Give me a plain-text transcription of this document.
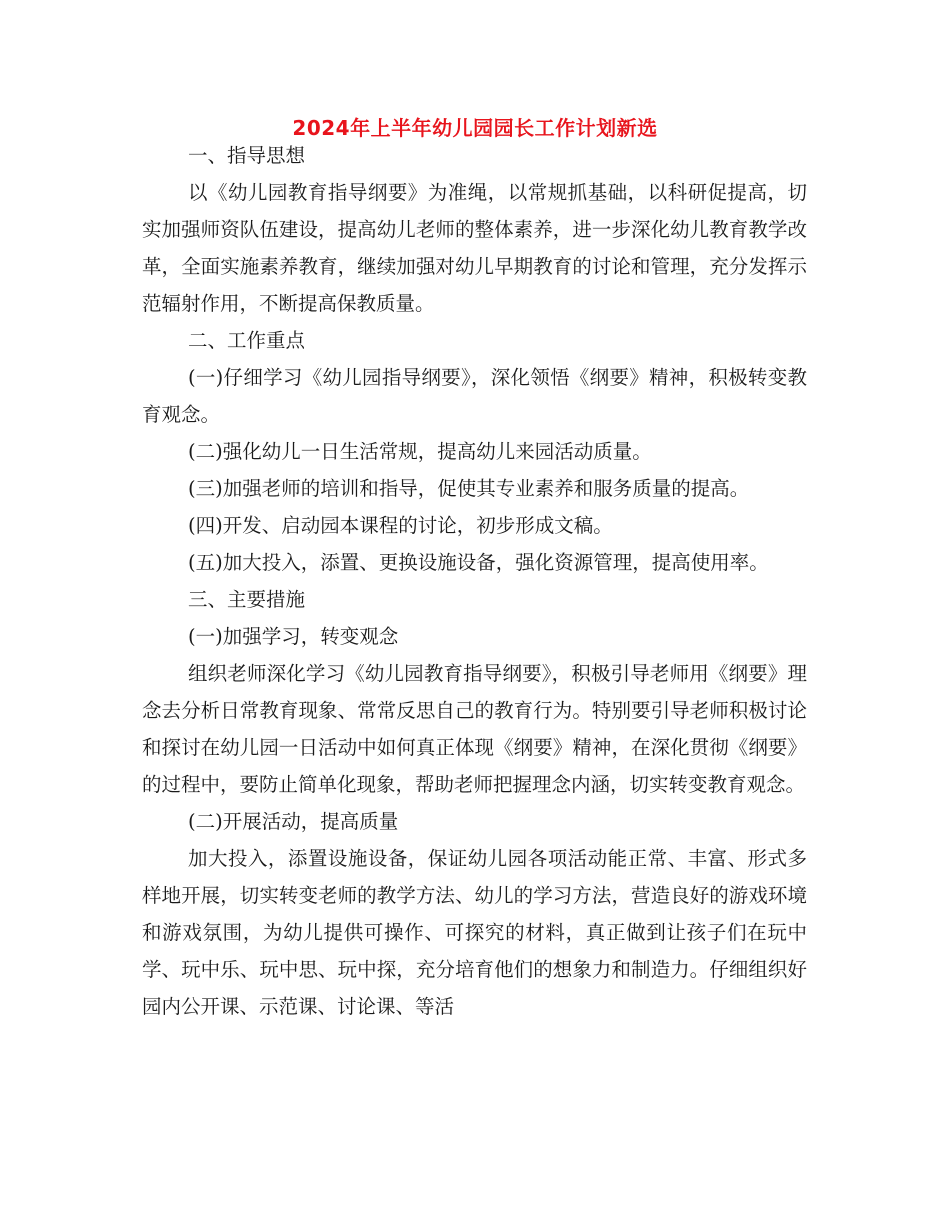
2024年上半年幼儿园园长工作计划新选

一、指导思想

以《幼儿园教育指导纲要》为准绳，以常规抓基础，以科研促提高，切实加强师资队伍建设，提高幼儿老师的整体素养，进一步深化幼儿教育教学改革，全面实施素养教育，继续加强对幼儿早期教育的讨论和管理，充分发挥示范辐射作用，不断提高保教质量。

二、工作重点

(一)仔细学习《幼儿园指导纲要》，深化领悟《纲要》精神，积极转变教育观念。

(二)强化幼儿一日生活常规，提高幼儿来园活动质量。

(三)加强老师的培训和指导，促使其专业素养和服务质量的提高。

(四)开发、启动园本课程的讨论，初步形成文稿。

(五)加大投入，添置、更换设施设备，强化资源管理，提高使用率。

三、主要措施

(一)加强学习，转变观念

组织老师深化学习《幼儿园教育指导纲要》，积极引导老师用《纲要》理念去分析日常教育现象、常常反思自己的教育行为。特别要引导老师积极讨论和探讨在幼儿园一日活动中如何真正体现《纲要》精神，在深化贯彻《纲要》的过程中，要防止简单化现象，帮助老师把握理念内涵，切实转变教育观念。

(二)开展活动，提高质量

加大投入，添置设施设备，保证幼儿园各项活动能正常、丰富、形式多样地开展，切实转变老师的教学方法、幼儿的学习方法，营造良好的游戏环境和游戏氛围，为幼儿提供可操作、可探究的材料，真正做到让孩子们在玩中学、玩中乐、玩中思、玩中探，充分培育他们的想象力和制造力。仔细组织好园内公开课、示范课、讨论课、等活
